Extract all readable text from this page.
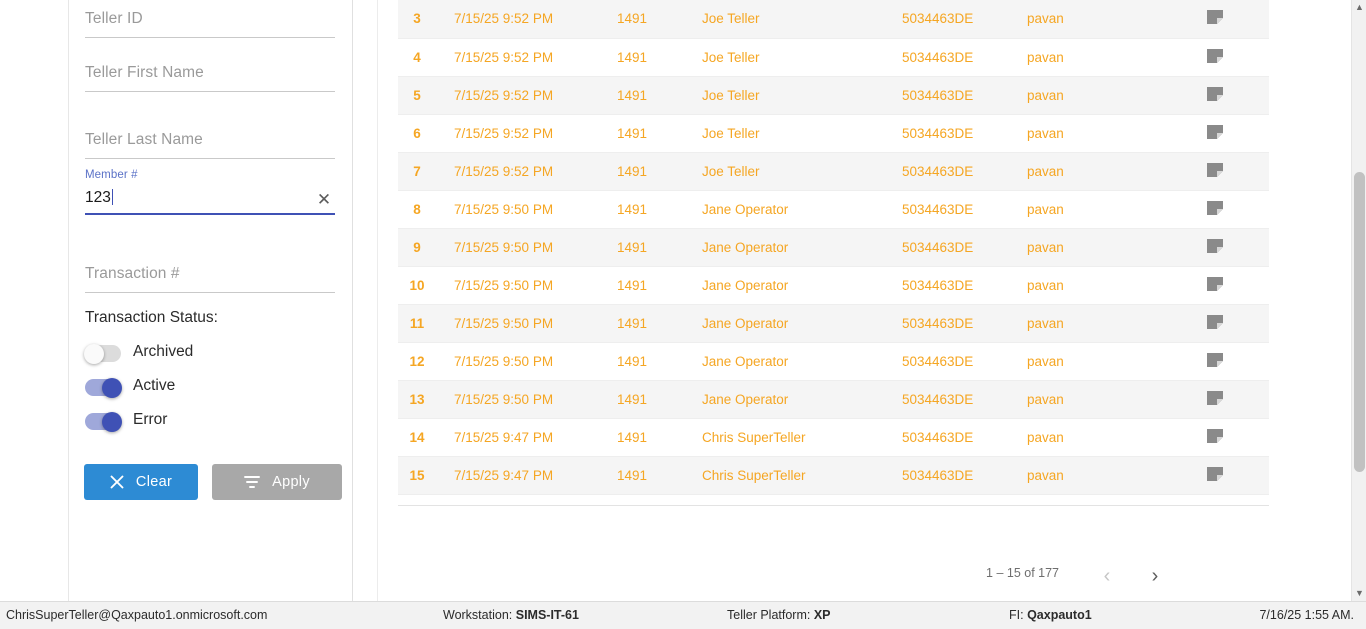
Teller ID
Teller First Name
Teller Last Name
Member #
123	✕
Transaction #
Transaction Status:
Archived
Active
Error
Clear	Apply
3	7/15/25 9:52 PM	1491	Joe Teller	5034463DE	pavan	
4	7/15/25 9:52 PM	1491	Joe Teller	5034463DE	pavan	
5	7/15/25 9:52 PM	1491	Joe Teller	5034463DE	pavan	
6	7/15/25 9:52 PM	1491	Joe Teller	5034463DE	pavan	
7	7/15/25 9:52 PM	1491	Joe Teller	5034463DE	pavan	
8	7/15/25 9:50 PM	1491	Jane Operator	5034463DE	pavan	
9	7/15/25 9:50 PM	1491	Jane Operator	5034463DE	pavan	
10	7/15/25 9:50 PM	1491	Jane Operator	5034463DE	pavan	
11	7/15/25 9:50 PM	1491	Jane Operator	5034463DE	pavan	
12	7/15/25 9:50 PM	1491	Jane Operator	5034463DE	pavan	
13	7/15/25 9:50 PM	1491	Jane Operator	5034463DE	pavan	
14	7/15/25 9:47 PM	1491	Chris SuperTeller	5034463DE	pavan	
15	7/15/25 9:47 PM	1491	Chris SuperTeller	5034463DE	pavan	
1 – 15 of 177	‹	›
▲
▼
ChrisSuperTeller@Qaxpauto1.onmicrosoft.com	Workstation: SIMS-IT-61	Teller Platform: XP	FI: Qaxpauto1	7/16/25 1:55 AM.
